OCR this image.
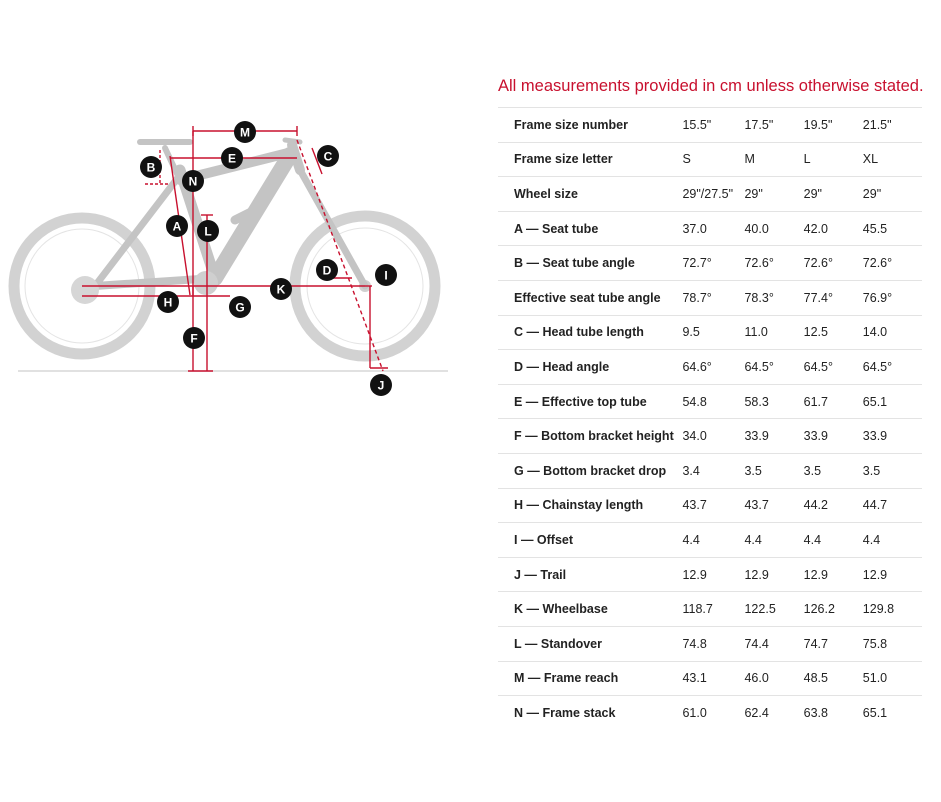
M
E	C
B
N
A L
D	I
K
H	G
F
J
All measurements provided in cm unless otherwise stated.
Frame size number	15.5"	17.5"	19.5"	21.5"
Frame size letter	S	M	L	XL
Wheel size	29"/27.5"	29"	29"	29"
A — Seat tube	37.0	40.0	42.0	45.5
B — Seat tube angle	72.7°	72.6°	72.6°	72.6°
Effective seat tube angle	78.7°	78.3°	77.4°	76.9°
C — Head tube length	9.5	11.0	12.5	14.0
D — Head angle	64.6°	64.5°	64.5°	64.5°
E — Effective top tube	54.8	58.3	61.7	65.1
F — Bottom bracket height	34.0	33.9	33.9	33.9
G — Bottom bracket drop	3.4	3.5	3.5	3.5
H — Chainstay length	43.7	43.7	44.2	44.7
I — Offset	4.4	4.4	4.4	4.4
J — Trail	12.9	12.9	12.9	12.9
K — Wheelbase	118.7	122.5	126.2	129.8
L — Standover	74.8	74.4	74.7	75.8
M — Frame reach	43.1	46.0	48.5	51.0
N — Frame stack	61.0	62.4	63.8	65.1
